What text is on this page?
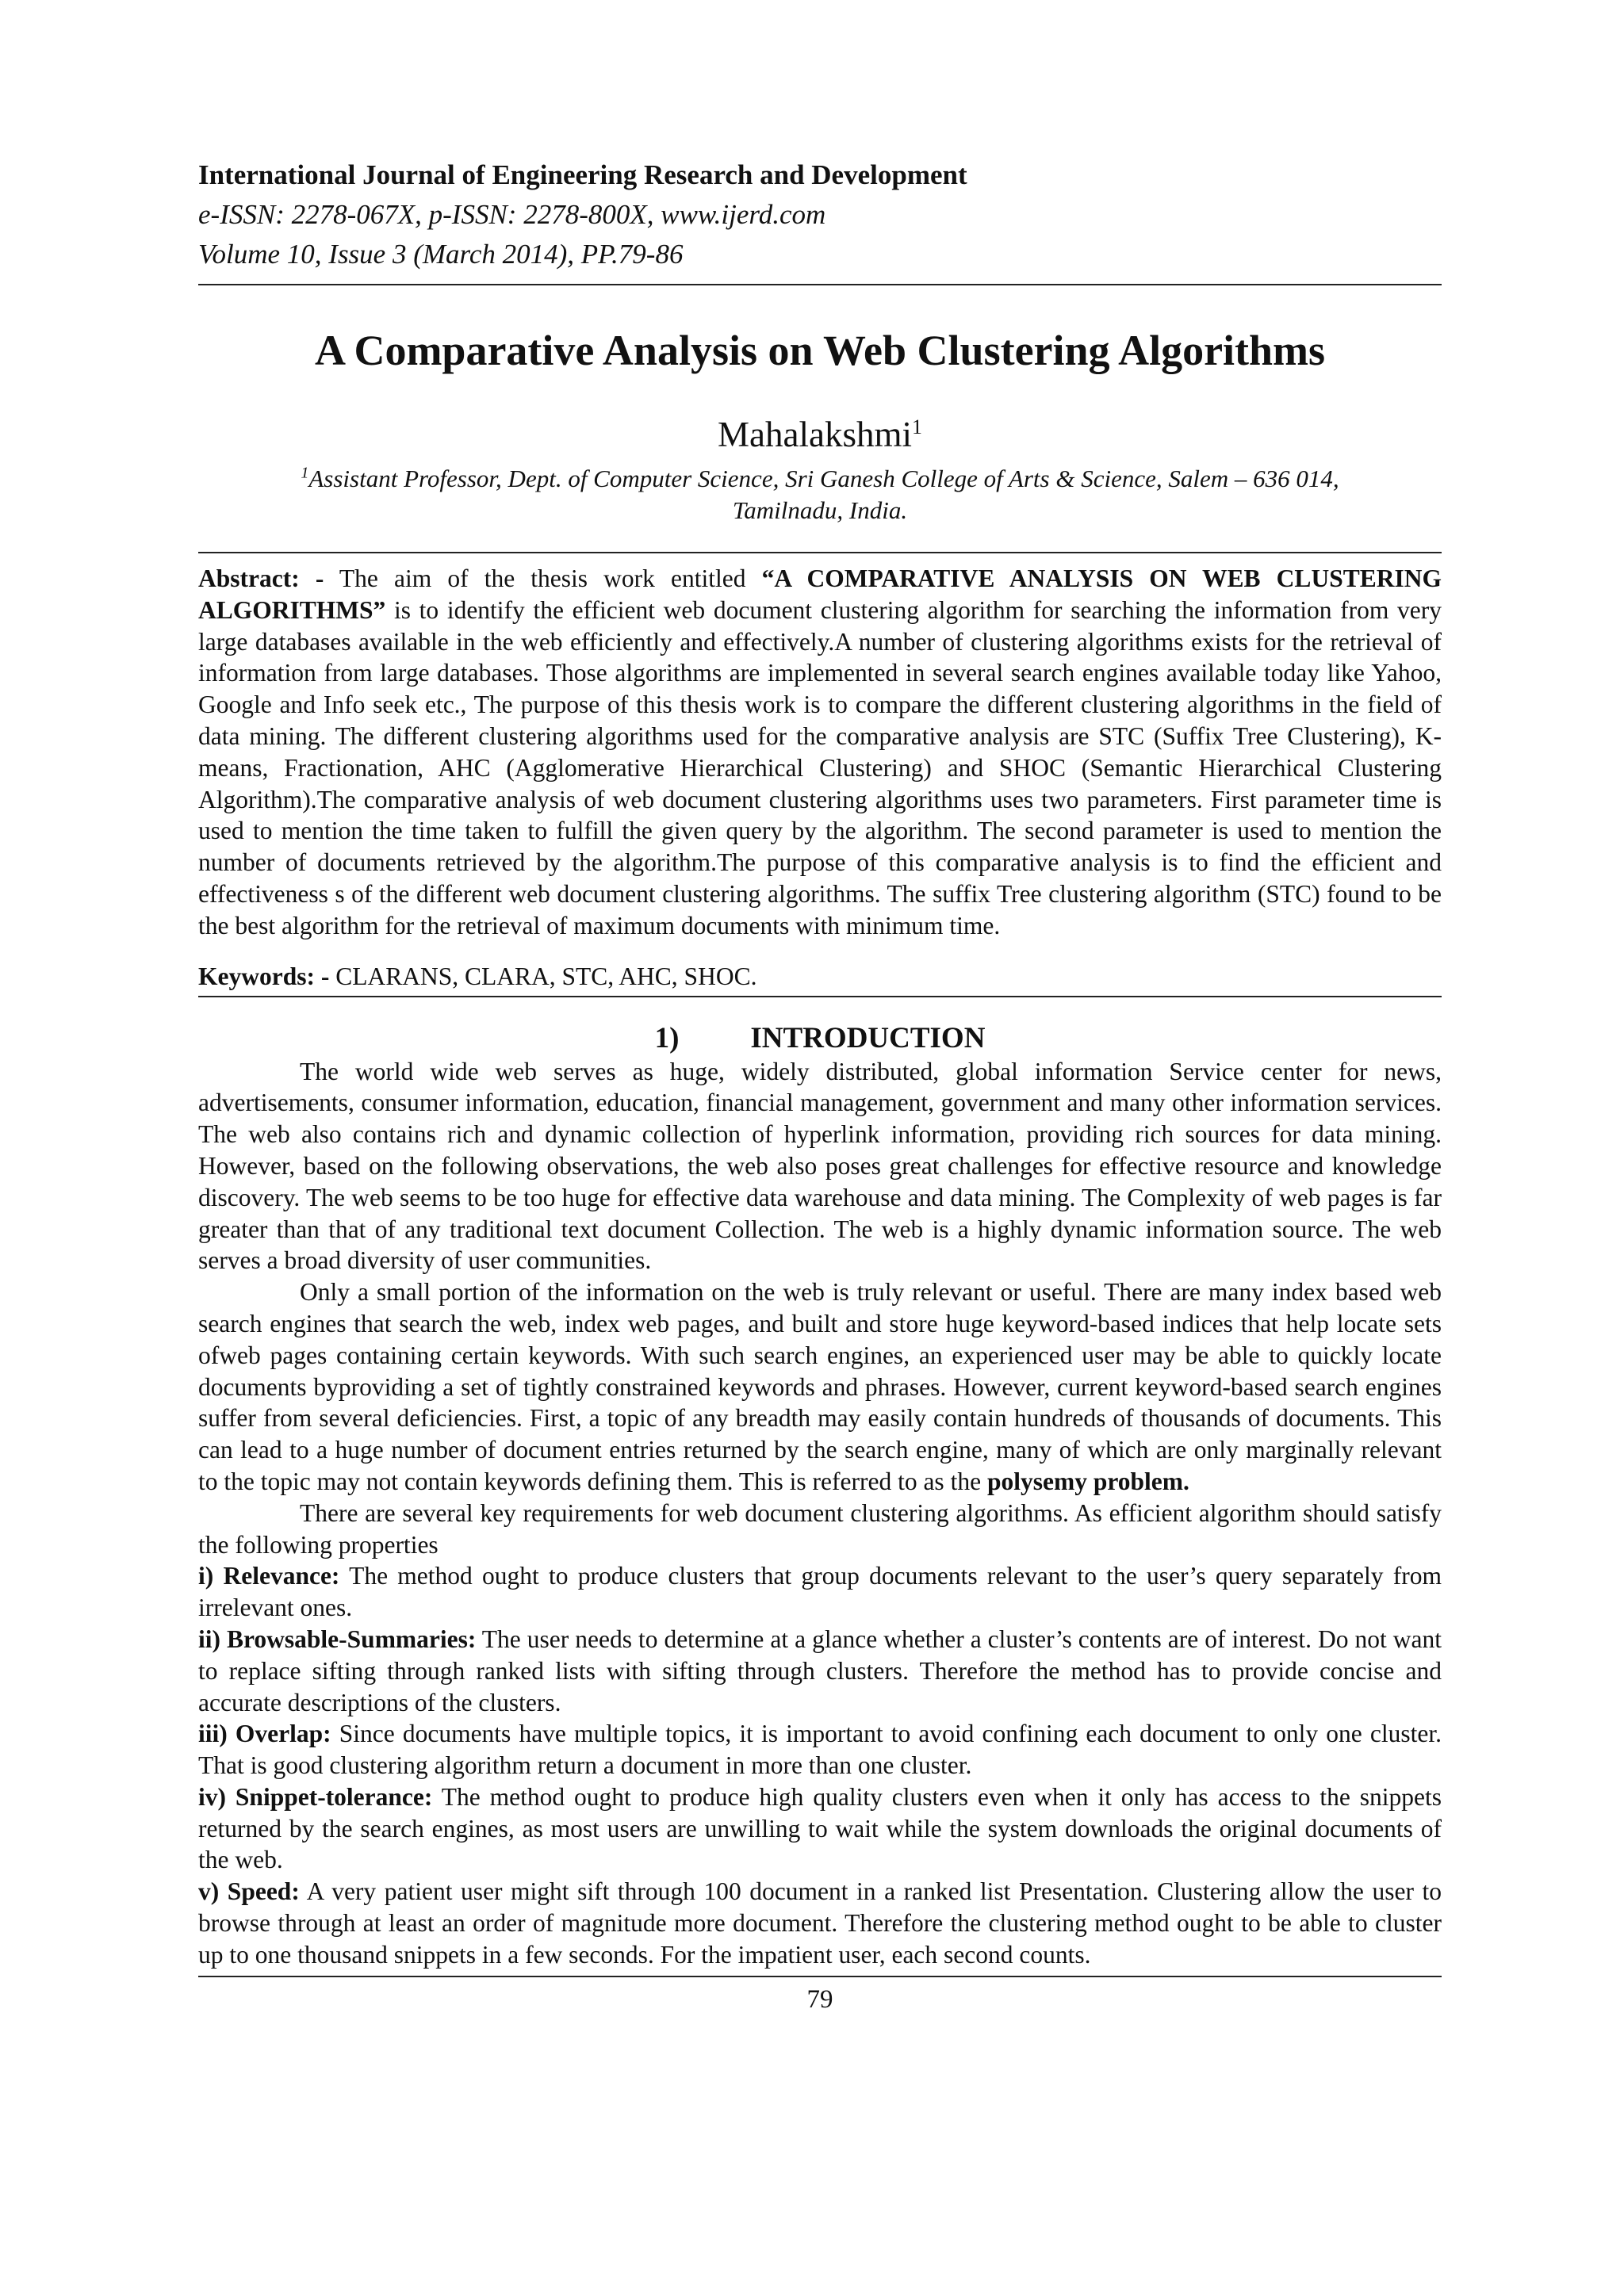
International Journal of Engineering Research and Development
e-ISSN: 2278-067X, p-ISSN: 2278-800X, www.ijerd.com
Volume 10, Issue 3 (March 2014), PP.79-86
A Comparative Analysis on Web Clustering Algorithms
Mahalakshmi$^1$
$^1$Assistant Professor, Dept. of Computer Science, Sri Ganesh College of Arts & Science, Salem – 636 014,
Tamilnadu, India.
Abstract: - The aim of the thesis work entitled “A COMPARATIVE ANALYSIS ON WEB CLUSTERING ALGORITHMS” is to identify the efficient web document clustering algorithm for searching the information from very large databases available in the web efficiently and effectively.A number of clustering algorithms exists for the retrieval of information from large databases. Those algorithms are implemented in several search engines available today like Yahoo, Google and Info seek etc., The purpose of this thesis work is to compare the different clustering algorithms in the field of data mining. The different clustering algorithms used for the comparative analysis are STC (Suffix Tree Clustering), K-means, Fractionation, AHC (Agglomerative Hierarchical Clustering) and SHOC (Semantic Hierarchical Clustering Algorithm).The comparative analysis of web document clustering algorithms uses two parameters. First parameter time is used to mention the time taken to fulfill the given query by the algorithm. The second parameter is used to mention the number of documents retrieved by the algorithm.The purpose of this comparative analysis is to find the efficient and effectiveness s of the different web document clustering algorithms. The suffix Tree clustering algorithm (STC) found to be the best algorithm for the retrieval of maximum documents with minimum time.
Keywords: - CLARANS, CLARA, STC, AHC, SHOC.
1) INTRODUCTION

The world wide web serves as huge, widely distributed, global information Service center for news, advertisements, consumer information, education, financial management, government and many other information services. The web also contains rich and dynamic collection of hyperlink information, providing rich sources for data mining. However, based on the following observations, the web also poses great challenges for effective resource and knowledge discovery. The web seems to be too huge for effective data warehouse and data mining. The Complexity of web pages is far greater than that of any traditional text document Collection. The web is a highly dynamic information source. The web serves a broad diversity of user communities.

Only a small portion of the information on the web is truly relevant or useful. There are many index based web search engines that search the web, index web pages, and built and store huge keyword-based indices that help locate sets ofweb pages containing certain keywords. With such search engines, an experienced user may be able to quickly locate documents byproviding a set of tightly constrained keywords and phrases. However, current keyword-based search engines suffer from several deficiencies. First, a topic of any breadth may easily contain hundreds of thousands of documents. This can lead to a huge number of document entries returned by the search engine, many of which are only marginally relevant to the topic may not contain keywords defining them. This is referred to as the polysemy problem.

There are several key requirements for web document clustering algorithms. As efficient algorithm should satisfy the following properties

i) Relevance: The method ought to produce clusters that group documents relevant to the user’s query separately from irrelevant ones.

ii) Browsable-Summaries: The user needs to determine at a glance whether a cluster’s contents are of interest. Do not want to replace sifting through ranked lists with sifting through clusters. Therefore the method has to provide concise and accurate descriptions of the clusters.

iii) Overlap: Since documents have multiple topics, it is important to avoid confining each document to only one cluster. That is good clustering algorithm return a document in more than one cluster.

iv) Snippet-tolerance: The method ought to produce high quality clusters even when it only has access to the snippets returned by the search engines, as most users are unwilling to wait while the system downloads the original documents of the web.

v) Speed: A very patient user might sift through 100 document in a ranked list Presentation. Clustering allow the user to browse through at least an order of magnitude more document. Therefore the clustering method ought to be able to cluster up to one thousand snippets in a few seconds. For the impatient user, each second counts.

79
